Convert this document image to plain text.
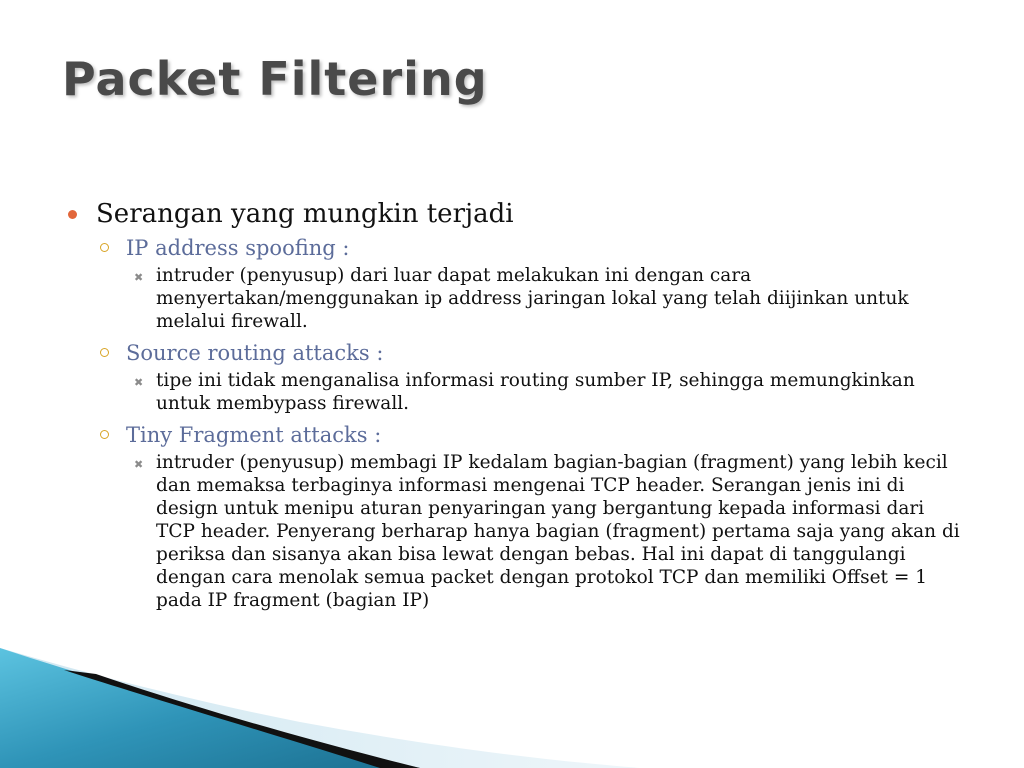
Packet Filtering
Serangan yang mungkin terjadi
IP address spoofing :
✖ intruder (penyusup) dari luar dapat melakukan ini dengan cara menyertakan/menggunakan ip address jaringan lokal yang telah diijinkan untuk melalui firewall.
Source routing attacks :
✖ tipe ini tidak menganalisa informasi routing sumber IP, sehingga memungkinkan untuk membypass firewall.
Tiny Fragment attacks :
✖ intruder (penyusup) membagi IP kedalam bagian-bagian (fragment) yang lebih kecil dan memaksa terbaginya informasi mengenai TCP header. Serangan jenis ini di design untuk menipu aturan penyaringan yang bergantung kepada informasi dari TCP header. Penyerang berharap hanya bagian (fragment) pertama saja yang akan di periksa dan sisanya akan bisa lewat dengan bebas. Hal ini dapat di tanggulangi dengan cara menolak semua packet dengan protokol TCP dan memiliki Offset = 1 pada IP fragment (bagian IP)
